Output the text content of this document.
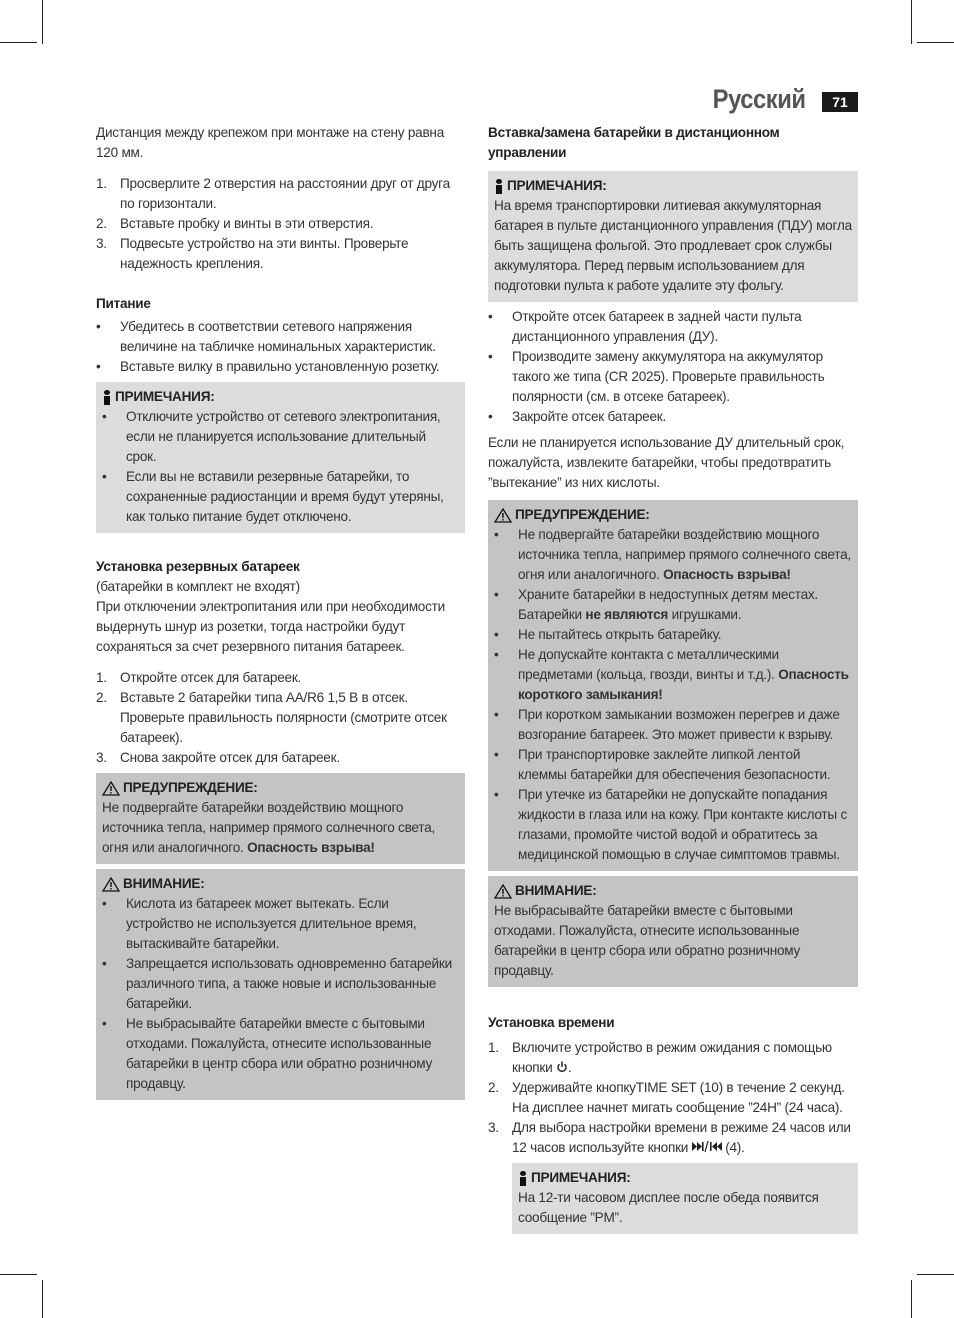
Русский	71

Дистанция между крепежом при монтаже на стену равна 120 мм.

1. Просверлите 2 отверстия на расстоянии друг от друга по горизонтали.
2. Вставьте пробку и винты в эти отверстия.
3. Подвесьте устройство на эти винты. Проверьте надежность крепления.

Питание

• Убедитесь в соответствии сетевого напряжения величине на табличке номинальных характеристик.
• Вставьте вилку в правильно установленную розетку.
ПРИМЕЧАНИЯ:
• Отключите устройство от сетевого электропитания, если не планируется использование длительный срок.
• Если вы не вставили резервные батарейки, то сохраненные радиостанции и время будут утеряны, как только питание будет отключено.

Установка резервных батареек

(батарейки в комплект не входят)

При отключении электропитания или при необходимости выдернуть шнур из розетки, тогда настройки будут сохраняться за счет резервного питания батареек.

1. Откройте отсек для батареек.
2. Вставьте 2 батарейки типа AA/R6 1,5 В в отсек. Проверьте правильность полярности (смотрите отсек батареек).
3. Снова закройте отсек для батареек.
ПРЕДУПРЕЖДЕНИЕ:

Не подвергайте батарейки воздействию мощного источника тепла, например прямого солнечного света, огня или аналогичного. Опасность взрыва!

ВНИМАНИЕ:
• Кислота из батареек может вытекать. Если устройство не используется длительное время, вытаскивайте батарейки.
• Запрещается использовать одновременно батарейки различного типа, а также новые и использованные батарейки.
• Не выбрасывайте батарейки вместе с бытовыми отходами. Пожалуйста, отнесите использованные батарейки в центр сбора или обратно розничному продавцу.

Вставка/замена батарейки в дистанционном управлении

ПРИМЕЧАНИЯ:

На время транспортировки литиевая аккумуляторная батарея в пульте дистанционного управления (ПДУ) могла быть защищена фольгой. Это продлевает срок службы аккумулятора. Перед первым использованием для подготовки пульта к работе удалите эту фольгу.

• Откройте отсек батареек в задней части пульта дистанционного управления (ДУ).
• Производите замену аккумулятора на аккумулятор такого же типа (CR 2025). Проверьте правильность полярности (см. в отсеке батареек).
• Закройте отсек батареек.

Если не планируется использование ДУ длительный срок, пожалуйста, извлеките батарейки, чтобы предотвратить ”вытекание” из них кислоты.

ПРЕДУПРЕЖДЕНИЕ:
• Не подвергайте батарейки воздействию мощного источника тепла, например прямого солнечного света, огня или аналогичного. Опасность взрыва!
• Храните батарейки в недоступных детям местах. Батарейки не являются игрушками.
• Не пытайтесь открыть батарейку.
• Не допускайте контакта с металлическими предметами (кольца, гвозди, винты и т.д.). Опасность короткого замыкания!
• При коротком замыкании возможен перегрев и даже возгорание батареек. Это может привести к взрыву.
• При транспортировке заклейте липкой лентой клеммы батарейки для обеспечения безопасности.
• При утечке из батарейки не допускайте попадания жидкости в глаза или на кожу. При контакте кислоты с глазами, промойте чистой водой и обратитесь за медицинской помощью в случае симптомов травмы.
ВНИМАНИЕ:

Не выбрасывайте батарейки вместе с бытовыми отходами. Пожалуйста, отнесите использованные батарейки в центр сбора или обратно розничному продавцу.

Установка времени

1. Включите устройство в режим ожидания с помощью кнопки .
2. Удерживайте кнопкуTIME SET (10) в течение 2 секунд. На дисплее начнет мигать сообщение ”24H” (24 часа).
3. Для выбора настройки времени в режиме 24 часов или 12 часов используйте кнопки	(4).
ПРИМЕЧАНИЯ:

На 12-ти часовом дисплее после обеда появится сообщение ”PM”.
